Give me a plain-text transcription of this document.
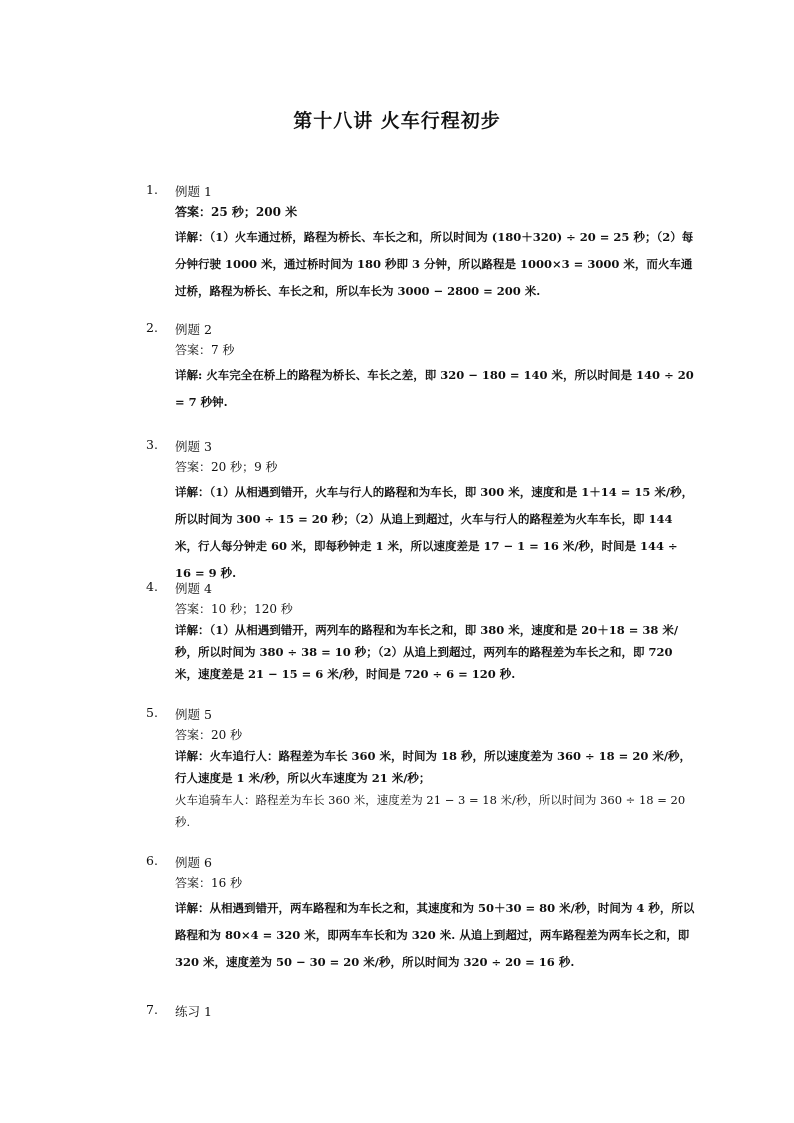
第十八讲 火车行程初步
1. 例题 1
答案：25 秒；200 米
详解：（1）火车通过桥，路程为桥长、车长之和，所以时间为 (180＋320) ÷ 20 = 25 秒；（2）每分钟行驶 1000 米，通过桥时间为 180 秒即 3 分钟，所以路程是 1000×3 = 3000 米，而火车通过桥，路程为桥长、车长之和，所以车长为 3000 − 2800 = 200 米.
2. 例题 2
答案：7 秒
详解: 火车完全在桥上的路程为桥长、车长之差，即 320 − 180 = 140 米，所以时间是 140 ÷ 20 = 7 秒钟.
3. 例题 3
答案：20 秒；9 秒
详解：（1）从相遇到错开，火车与行人的路程和为车长，即 300 米，速度和是 1＋14 = 15 米/秒，所以时间为 300 ÷ 15 = 20 秒；（2）从追上到超过，火车与行人的路程差为火车车长，即 144 米，行人每分钟走 60 米，即每秒钟走 1 米，所以速度差是 17 − 1 = 16 米/秒，时间是 144 ÷ 16 = 9 秒.
4. 例题 4
答案：10 秒；120 秒
详解：（1）从相遇到错开，两列车的路程和为车长之和，即 380 米，速度和是 20＋18 = 38 米/秒，所以时间为 380 ÷ 38 = 10 秒；（2）从追上到超过，两列车的路程差为车长之和，即 720 米，速度差是 21 − 15 = 6 米/秒，时间是 720 ÷ 6 = 120 秒.
5. 例题 5
答案：20 秒
详解：火车追行人：路程差为车长 360 米，时间为 18 秒，所以速度差为 360 ÷ 18 = 20 米/秒，行人速度是 1 米/秒，所以火车速度为 21 米/秒；
火车追骑车人：路程差为车长 360 米，速度差为 21 − 3 = 18 米/秒，所以时间为 360 ÷ 18 = 20 秒.
6. 例题 6
答案：16 秒
详解：从相遇到错开，两车路程和为车长之和，其速度和为 50＋30 = 80 米/秒，时间为 4 秒，所以路程和为 80×4 = 320 米，即两车车长和为 320 米. 从追上到超过，两车路程差为两车长之和，即 320 米，速度差为 50 − 30 = 20 米/秒，所以时间为 320 ÷ 20 = 16 秒.
7. 练习 1
